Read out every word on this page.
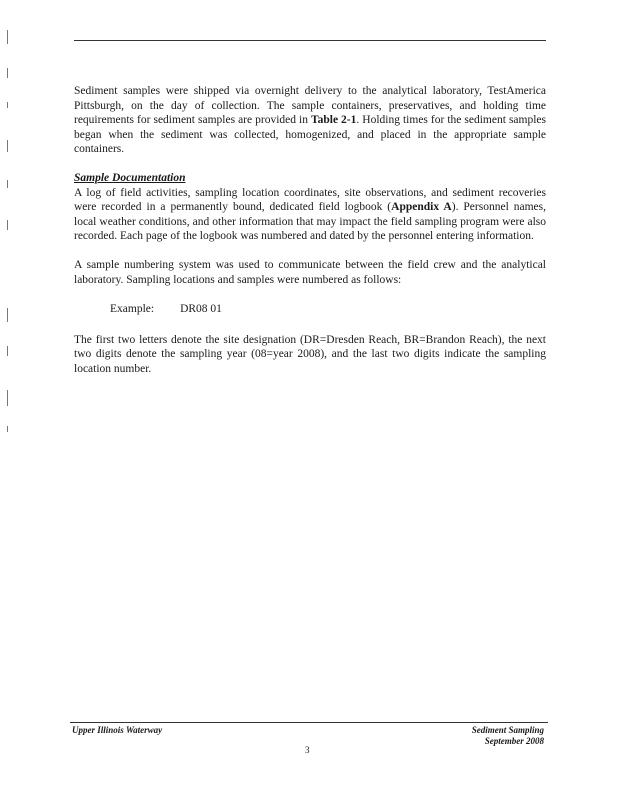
Sediment samples were shipped via overnight delivery to the analytical laboratory, TestAmerica Pittsburgh, on the day of collection. The sample containers, preservatives, and holding time requirements for sediment samples are provided in Table 2-1. Holding times for the sediment samples began when the sediment was collected, homogenized, and placed in the appropriate sample containers.

Sample Documentation

A log of field activities, sampling location coordinates, site observations, and sediment recoveries were recorded in a permanently bound, dedicated field logbook (Appendix A). Personnel names, local weather conditions, and other information that may impact the field sampling program were also recorded. Each page of the logbook was numbered and dated by the personnel entering information.

A sample numbering system was used to communicate between the field crew and the analytical laboratory. Sampling locations and samples were numbered as follows:

Example: DR08 01

The first two letters denote the site designation (DR=Dresden Reach, BR=Brandon Reach), the next two digits denote the sampling year (08=year 2008), and the last two digits indicate the sampling location number.

Upper Illinois Waterway	Sediment Sampling
September 2008
3
